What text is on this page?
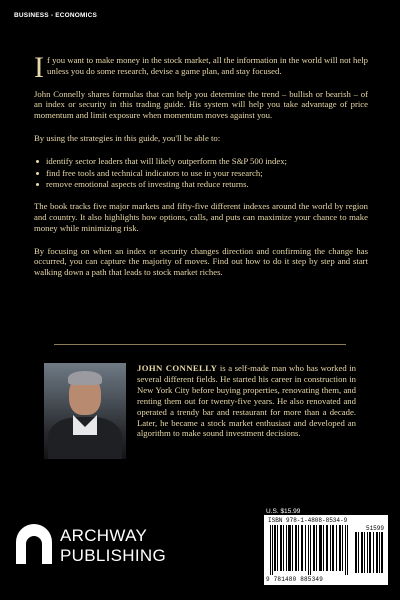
BUSINESS - ECONOMICS

If you want to make money in the stock market, all the information in the world will not help unless you do some research, devise a game plan, and stay focused.

John Connelly shares formulas that can help you determine the trend – bullish or bearish – of an index or security in this trading guide. His system will help you take advantage of price momentum and limit exposure when momentum moves against you.

By using the strategies in this guide, you'll be able to:

identify sector leaders that will likely outperform the S&P 500 index;
find free tools and technical indicators to use in your research;
remove emotional aspects of investing that reduce returns.

The book tracks five major markets and fifty-five different indexes around the world by region and country. It also highlights how options, calls, and puts can maximize your chance to make money while minimizing risk.

By focusing on when an index or security changes direction and confirming the change has occurred, you can capture the majority of moves. Find out how to do it step by step and start walking down a path that leads to stock market riches.

JOHN CONNELLY is a self-made man who has worked in several different fields. He started his career in construction in New York City before buying properties, renovating them, and renting them out for twenty-five years. He also renovated and operated a trendy bar and restaurant for more than a decade. Later, he became a stock market enthusiast and developed an algorithm to make sound investment decisions.

U.S. $15.99
ISBN 978-1-4808-8534-9
51599
9 781480 885349
ARCHWAY
PUBLISHING
